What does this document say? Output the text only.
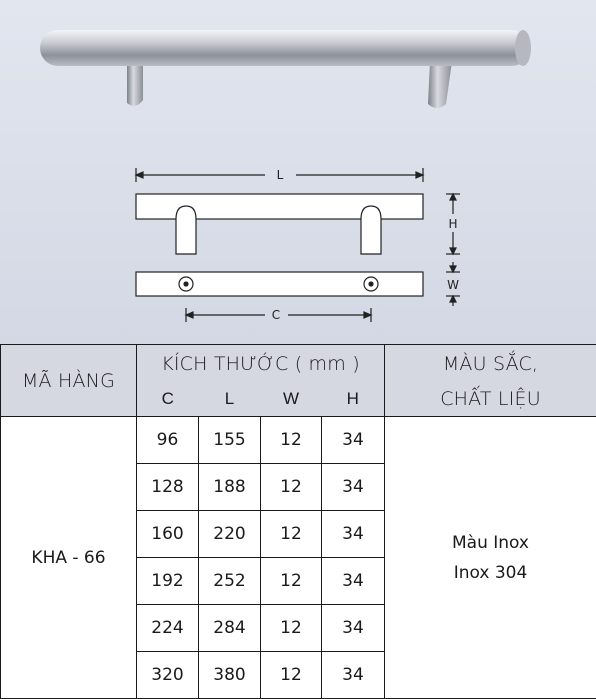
L
H
W
C
MÃ HÀNG	KÍCH THƯỚC ( mm )				MÀU SẮC,
	C	L	W	H	CHẤT LIỆU
KHA - 66	96	155	12	34	Màu Inox
Inox 304

	128	188	12	34	
	160	220	12	34	
	192	252	12	34	
	224	284	12	34	
	320	380	12	34	
